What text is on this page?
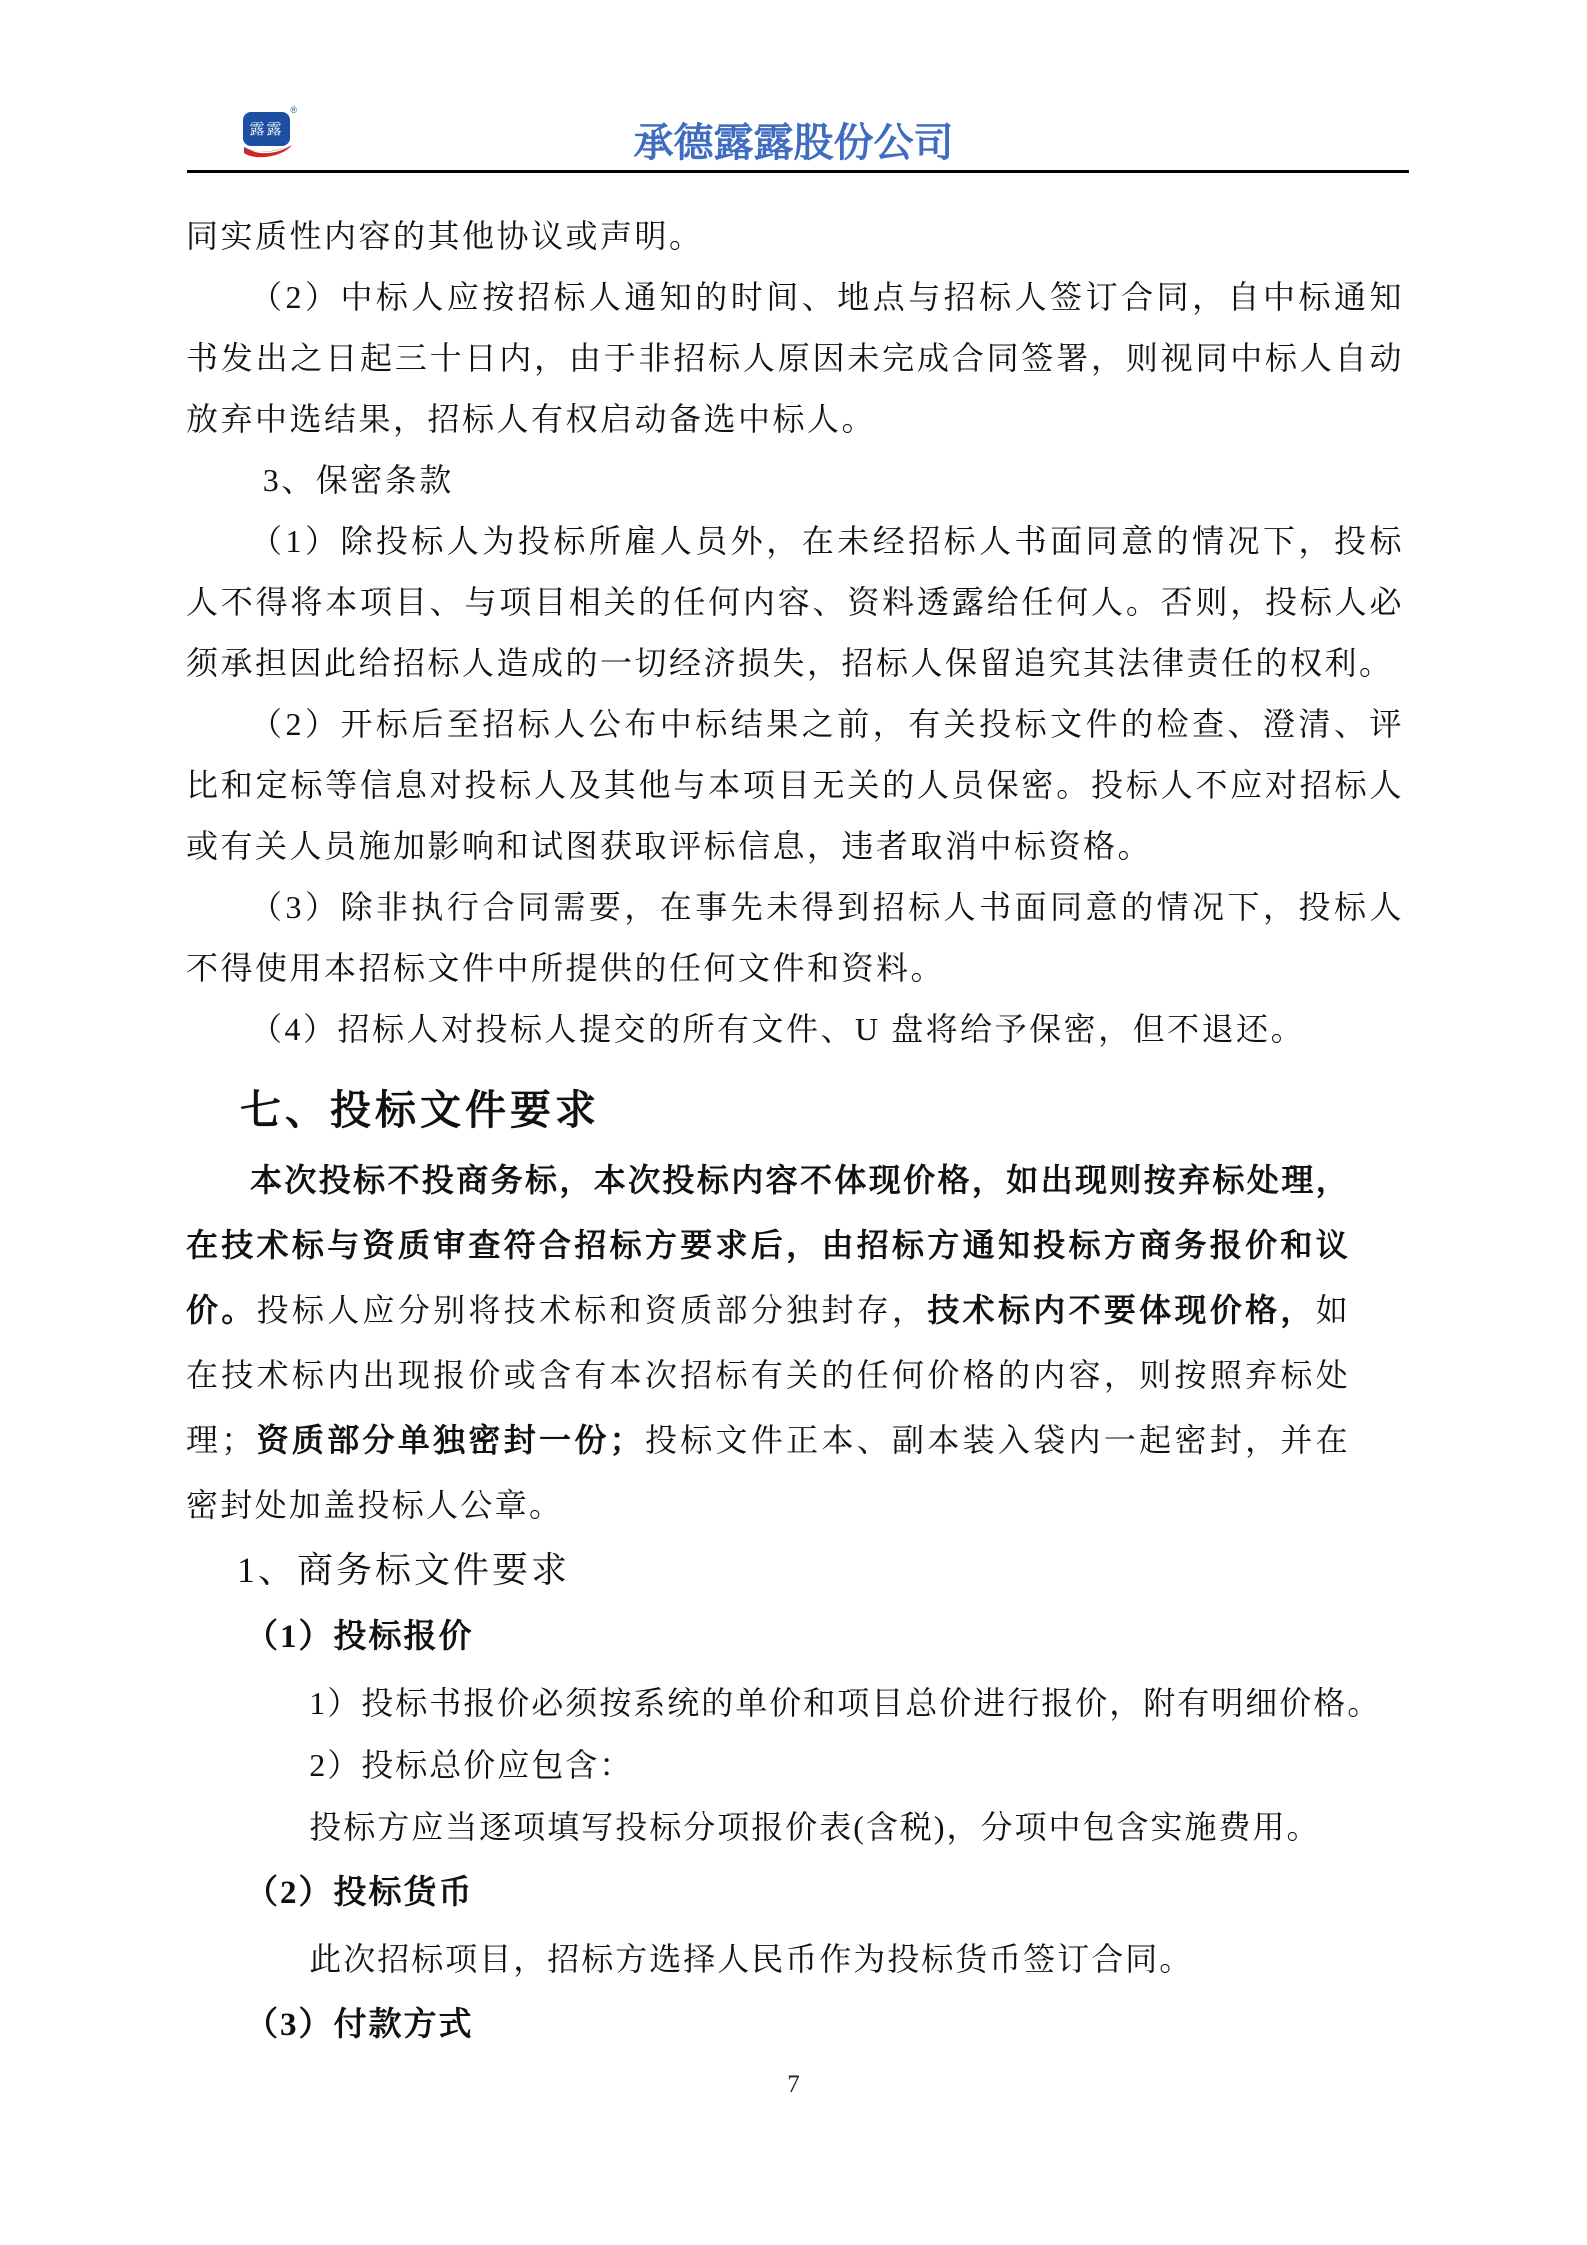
露露
®
承德露露股份公司

同实质性内容的其他协议或声明。

（2）中标人应按招标人通知的时间、地点与招标人签订合同，自中标通知书发出之日起三十日内，由于非招标人原因未完成合同签署，则视同中标人自动放弃中选结果，招标人有权启动备选中标人。

3、保密条款

（1）除投标人为投标所雇人员外，在未经招标人书面同意的情况下，投标人不得将本项目、与项目相关的任何内容、资料透露给任何人。否则，投标人必须承担因此给招标人造成的一切经济损失，招标人保留追究其法律责任的权利。

（2）开标后至招标人公布中标结果之前，有关投标文件的检查、澄清、评比和定标等信息对投标人及其他与本项目无关的人员保密。投标人不应对招标人或有关人员施加影响和试图获取评标信息，违者取消中标资格。

（3）除非执行合同需要，在事先未得到招标人书面同意的情况下，投标人不得使用本招标文件中所提供的任何文件和资料。

（4）招标人对投标人提交的所有文件、U 盘将给予保密，但不退还。

七、投标文件要求

本次投标不投商务标，本次投标内容不体现价格，如出现则按弃标处理，在技术标与资质审查符合招标方要求后，由招标方通知投标方商务报价和议价。投标人应分别将技术标和资质部分独封存，技术标内不要体现价格，如在技术标内出现报价或含有本次招标有关的任何价格的内容，则按照弃标处理；资质部分单独密封一份；投标文件正本、副本装入袋内一起密封，并在密封处加盖投标人公章。

1、商务标文件要求
（1）投标报价

1）投标书报价必须按系统的单价和项目总价进行报价，附有明细价格。

2）投标总价应包含：

投标方应当逐项填写投标分项报价表(含税)，分项中包含实施费用。

（2）投标货币

此次招标项目，招标方选择人民币作为投标货币签订合同。

（3）付款方式
7
